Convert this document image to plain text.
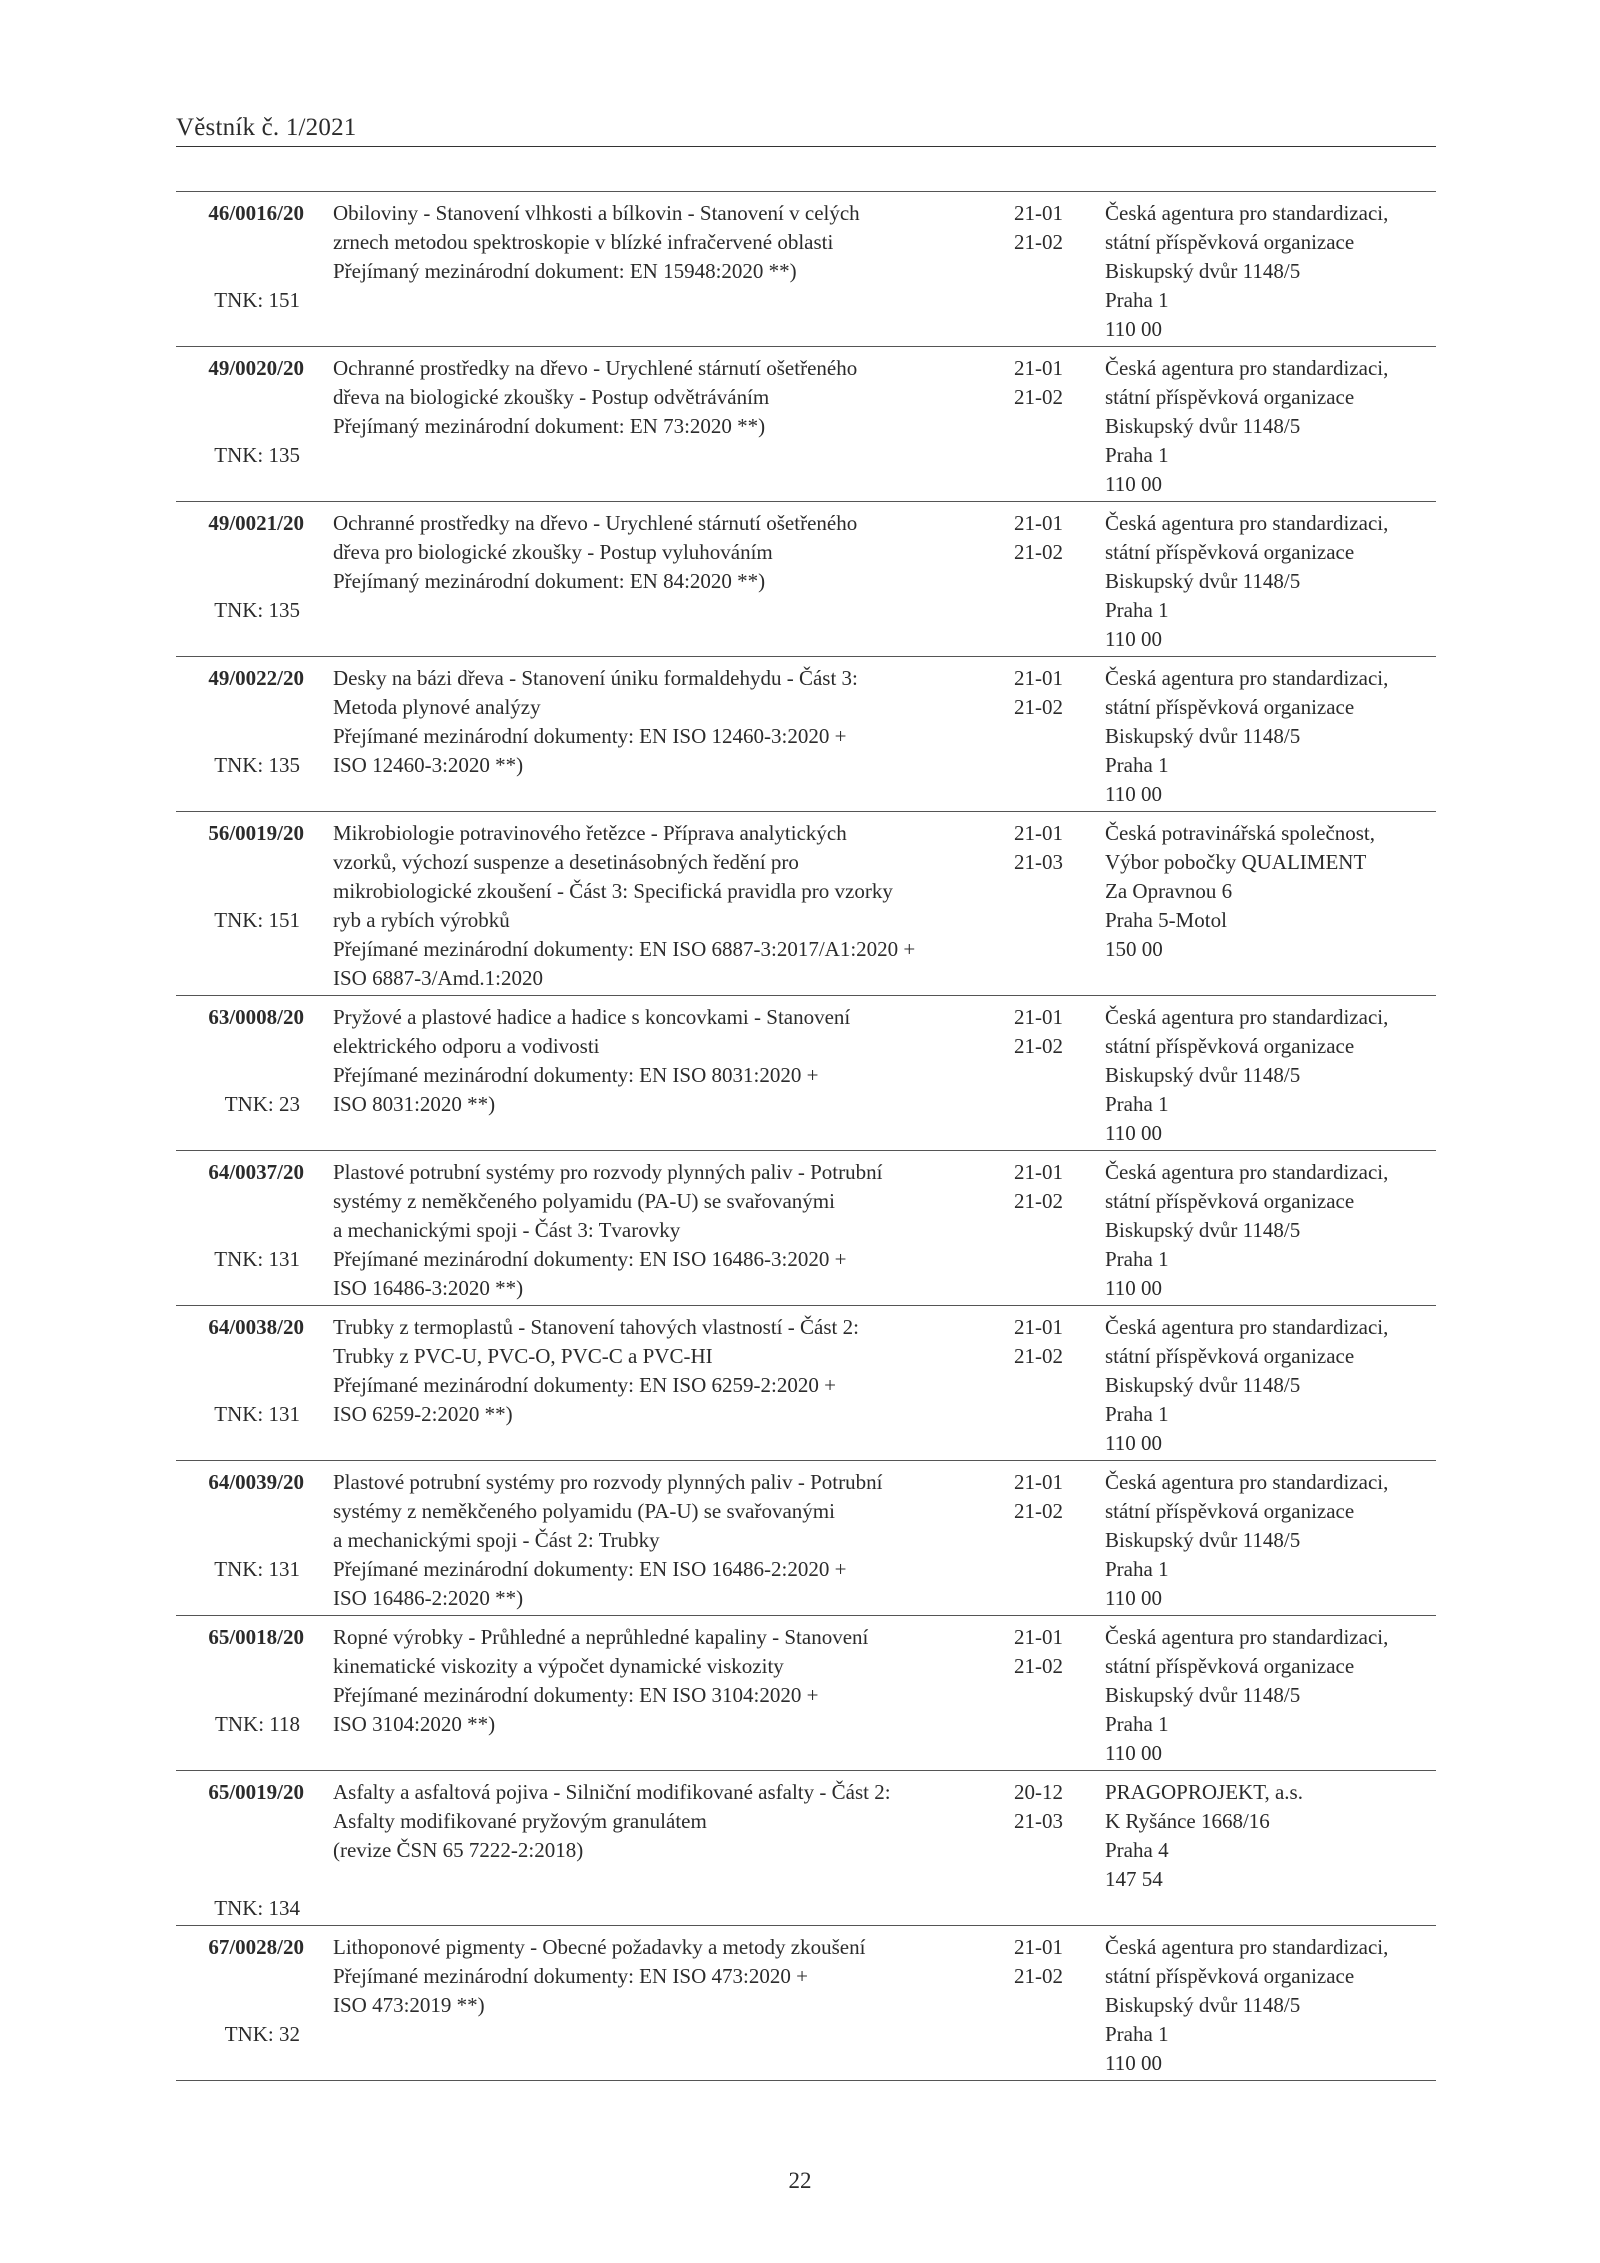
Věstník č. 1/2021
46/0016/20
TNK: 151
Obiloviny - Stanovení vlhkosti a bílkovin - Stanovení v celých
zrnech metodou spektroskopie v blízké infračervené oblasti
Přejímaný mezinárodní dokument: EN 15948:2020 **)
21-01
21-02
Česká agentura pro standardizaci,
státní příspěvková organizace
Biskupský dvůr 1148/5
Praha 1
110 00
49/0020/20
TNK: 135
Ochranné prostředky na dřevo - Urychlené stárnutí ošetřeného
dřeva na biologické zkoušky - Postup odvětráváním
Přejímaný mezinárodní dokument: EN 73:2020 **)
21-01
21-02
Česká agentura pro standardizaci,
státní příspěvková organizace
Biskupský dvůr 1148/5
Praha 1
110 00
49/0021/20
TNK: 135
Ochranné prostředky na dřevo - Urychlené stárnutí ošetřeného
dřeva pro biologické zkoušky - Postup vyluhováním
Přejímaný mezinárodní dokument: EN 84:2020 **)
21-01
21-02
Česká agentura pro standardizaci,
státní příspěvková organizace
Biskupský dvůr 1148/5
Praha 1
110 00
49/0022/20
TNK: 135
Desky na bázi dřeva - Stanovení úniku formaldehydu - Část 3:
Metoda plynové analýzy
Přejímané mezinárodní dokumenty: EN ISO 12460-3:2020 +
ISO 12460-3:2020 **)
21-01
21-02
Česká agentura pro standardizaci,
státní příspěvková organizace
Biskupský dvůr 1148/5
Praha 1
110 00
56/0019/20
TNK: 151
Mikrobiologie potravinového řetězce - Příprava analytických
vzorků, výchozí suspenze a desetinásobných ředění pro
mikrobiologické zkoušení - Část 3: Specifická pravidla pro vzorky
ryb a rybích výrobků
Přejímané mezinárodní dokumenty: EN ISO 6887-3:2017/A1:2020 +
ISO 6887-3/Amd.1:2020
21-01
21-03
Česká potravinářská společnost,
Výbor pobočky QUALIMENT
Za Opravnou 6
Praha 5-Motol
150 00
63/0008/20
TNK: 23
Pryžové a plastové hadice a hadice s koncovkami - Stanovení
elektrického odporu a vodivosti
Přejímané mezinárodní dokumenty: EN ISO 8031:2020 +
ISO 8031:2020 **)
21-01
21-02
Česká agentura pro standardizaci,
státní příspěvková organizace
Biskupský dvůr 1148/5
Praha 1
110 00
64/0037/20
TNK: 131
Plastové potrubní systémy pro rozvody plynných paliv - Potrubní
systémy z neměkčeného polyamidu (PA-U) se svařovanými
a mechanickými spoji - Část 3: Tvarovky
Přejímané mezinárodní dokumenty: EN ISO 16486-3:2020 +
ISO 16486-3:2020 **)
21-01
21-02
Česká agentura pro standardizaci,
státní příspěvková organizace
Biskupský dvůr 1148/5
Praha 1
110 00
64/0038/20
TNK: 131
Trubky z termoplastů - Stanovení tahových vlastností - Část 2:
Trubky z PVC-U, PVC-O, PVC-C a PVC-HI
Přejímané mezinárodní dokumenty: EN ISO 6259-2:2020 +
ISO 6259-2:2020 **)
21-01
21-02
Česká agentura pro standardizaci,
státní příspěvková organizace
Biskupský dvůr 1148/5
Praha 1
110 00
64/0039/20
TNK: 131
Plastové potrubní systémy pro rozvody plynných paliv - Potrubní
systémy z neměkčeného polyamidu (PA-U) se svařovanými
a mechanickými spoji - Část 2: Trubky
Přejímané mezinárodní dokumenty: EN ISO 16486-2:2020 +
ISO 16486-2:2020 **)
21-01
21-02
Česká agentura pro standardizaci,
státní příspěvková organizace
Biskupský dvůr 1148/5
Praha 1
110 00
65/0018/20
TNK: 118
Ropné výrobky - Průhledné a neprůhledné kapaliny - Stanovení
kinematické viskozity a výpočet dynamické viskozity
Přejímané mezinárodní dokumenty: EN ISO 3104:2020 +
ISO 3104:2020 **)
21-01
21-02
Česká agentura pro standardizaci,
státní příspěvková organizace
Biskupský dvůr 1148/5
Praha 1
110 00
65/0019/20
TNK: 134
Asfalty a asfaltová pojiva - Silniční modifikované asfalty - Část 2:
Asfalty modifikované pryžovým granulátem
(revize ČSN 65 7222-2:2018)
20-12
21-03
PRAGOPROJEKT, a.s.
K Ryšánce 1668/16
Praha 4
147 54
67/0028/20
TNK: 32
Lithoponové pigmenty - Obecné požadavky a metody zkoušení
Přejímané mezinárodní dokumenty: EN ISO 473:2020 +
ISO 473:2019 **)
21-01
21-02
Česká agentura pro standardizaci,
státní příspěvková organizace
Biskupský dvůr 1148/5
Praha 1
110 00
22
